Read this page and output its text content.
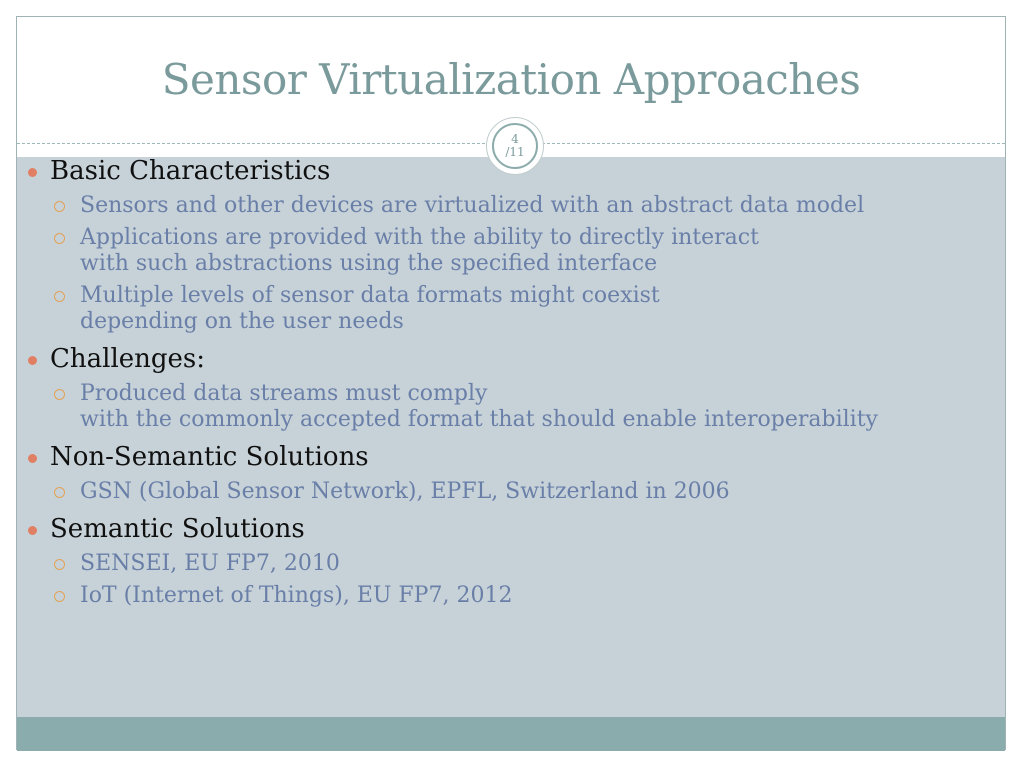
Sensor Virtualization Approaches
4
/11
Basic Characteristics
Sensors and other devices are virtualized with an abstract data model
Applications are provided with the ability to directly interact
with such abstractions using the specified interface
Multiple levels of sensor data formats might coexist
depending on the user needs
Challenges:
Produced data streams must comply
with the commonly accepted format that should enable interoperability
Non-Semantic Solutions
GSN (Global Sensor Network), EPFL, Switzerland in 2006
Semantic Solutions
SENSEI, EU FP7, 2010
IoT (Internet of Things), EU FP7, 2012
